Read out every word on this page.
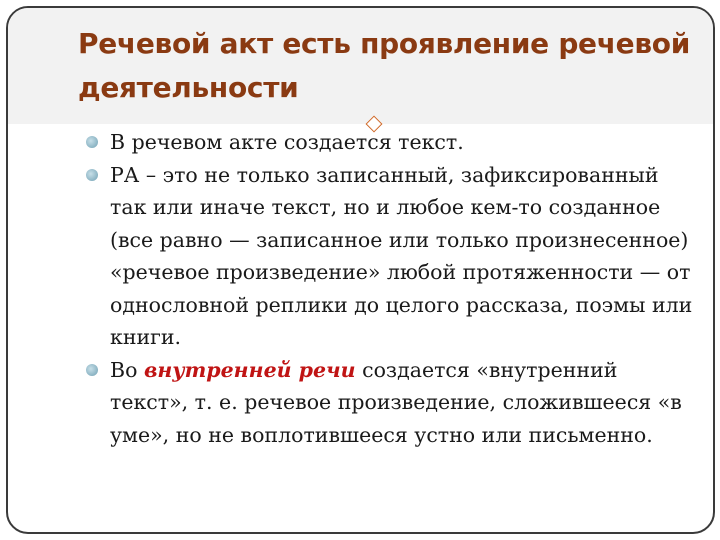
Речевой акт есть проявление речевой деятельности
В речевом акте создается текст.
РА – это не только записанный, зафиксированный так или иначе текст, но и любое кем-то созданное (все равно — записанное или только произнесенное) «речевое произведение» любой протяженности — от однословной реплики до целого рассказа, поэмы или книги.
Во внутренней речи создается «внутренний текст», т. е. речевое произведение, сложившееся «в уме», но не воплотившееся устно или письменно.
